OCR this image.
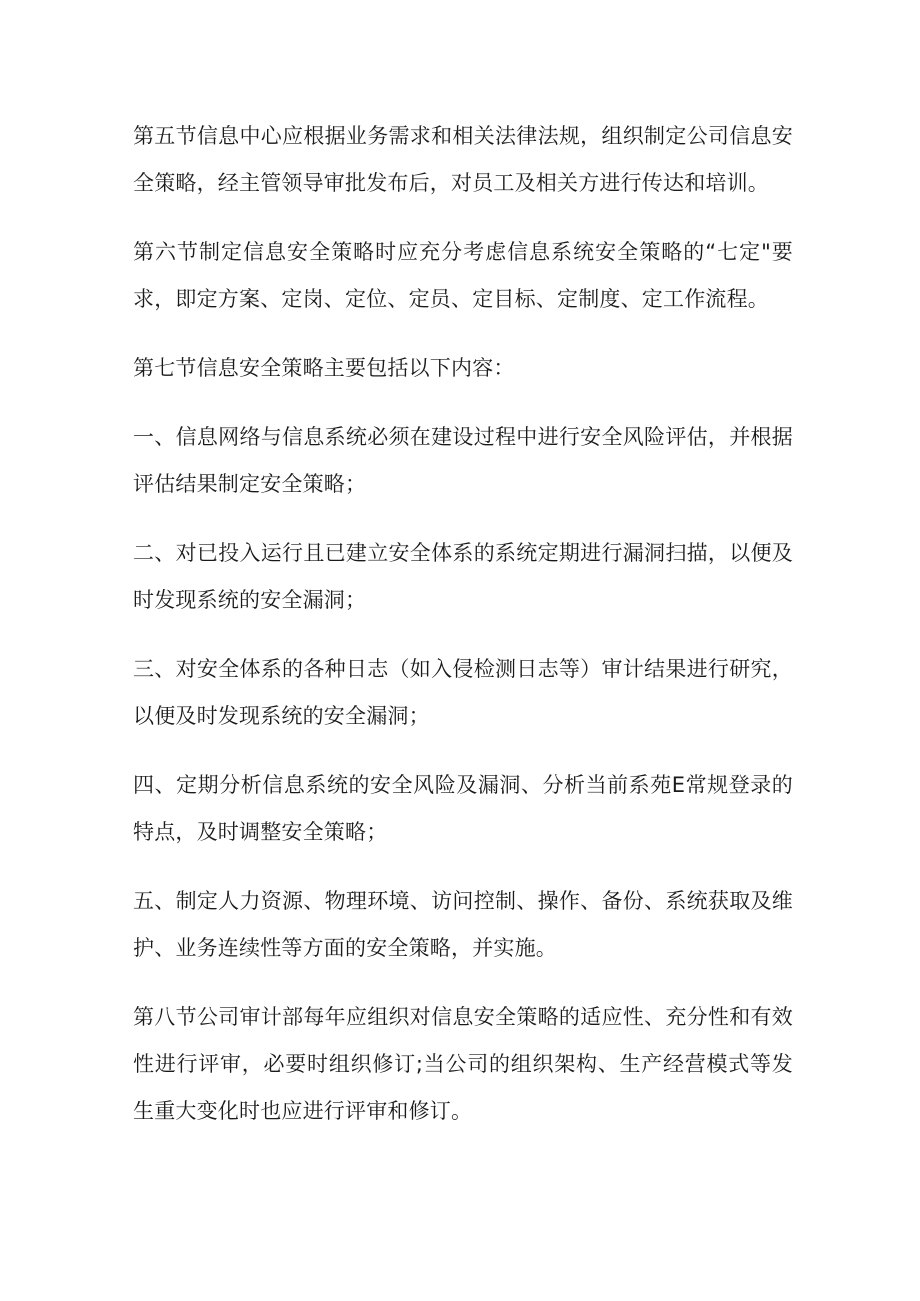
第五节信息中心应根据业务需求和相关法律法规，组织制定公司信息安全策略，经主管领导审批发布后，对员工及相关方进行传达和培训。

第六节制定信息安全策略时应充分考虑信息系统安全策略的“七定"要求，即定方案、定岗、定位、定员、定目标、定制度、定工作流程。

第七节信息安全策略主要包括以下内容：

一、信息网络与信息系统必须在建设过程中进行安全风险评估，并根据评估结果制定安全策略；

二、对已投入运行且已建立安全体系的系统定期进行漏洞扫描，以便及时发现系统的安全漏洞；

三、对安全体系的各种日志（如入侵检测日志等）审计结果进行研究，以便及时发现系统的安全漏洞；

四、定期分析信息系统的安全风险及漏洞、分析当前系苑E常规登录的特点，及时调整安全策略；

五、制定人力资源、物理环境、访问控制、操作、备份、系统获取及维护、业务连续性等方面的安全策略，并实施。

第八节公司审计部每年应组织对信息安全策略的适应性、充分性和有效性进行评审，必要时组织修订;当公司的组织架构、生产经营模式等发生重大变化时也应进行评审和修订。
